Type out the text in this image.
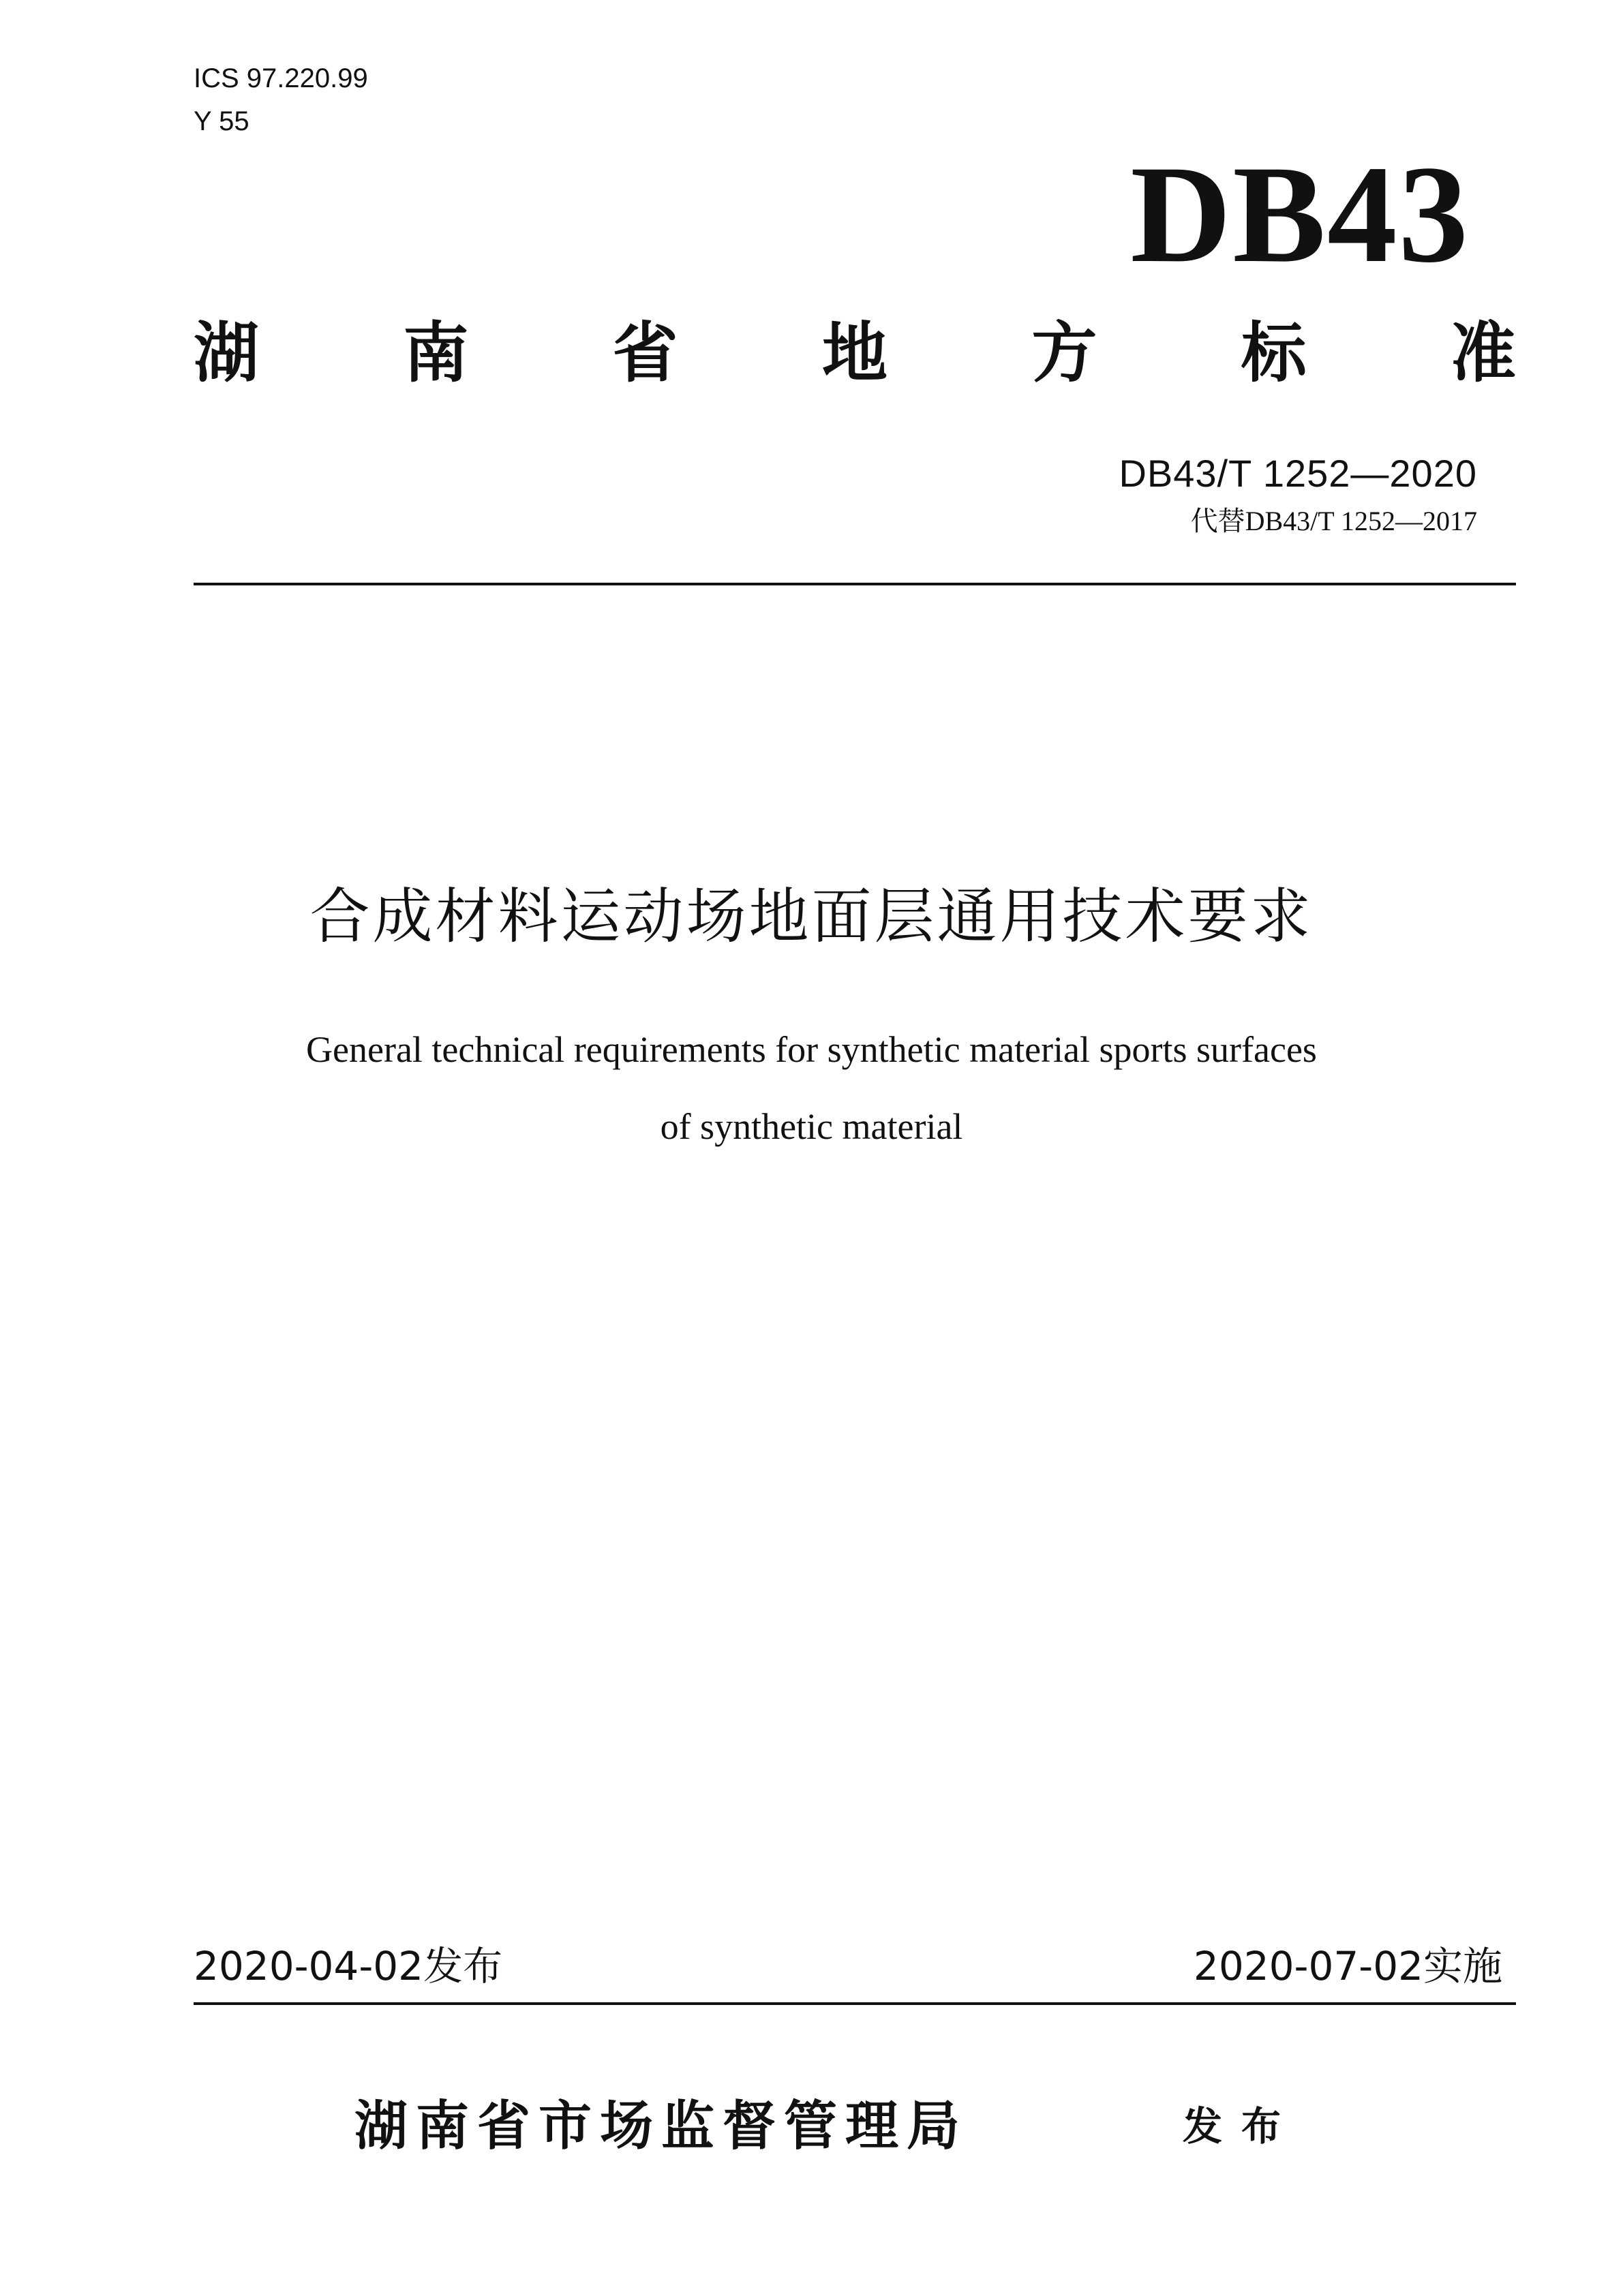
ICS 97.220.99
Y 55
DB43
湖 南 省 地 方 标 准
DB43/T 1252—2020
代替DB43/T 1252—2017
合成材料运动场地面层通用技术要求
General technical requirements for synthetic material sports surfaces
of synthetic material
2020-04-02发布	2020-07-02实施
湖南省市场监督管理局	发布
